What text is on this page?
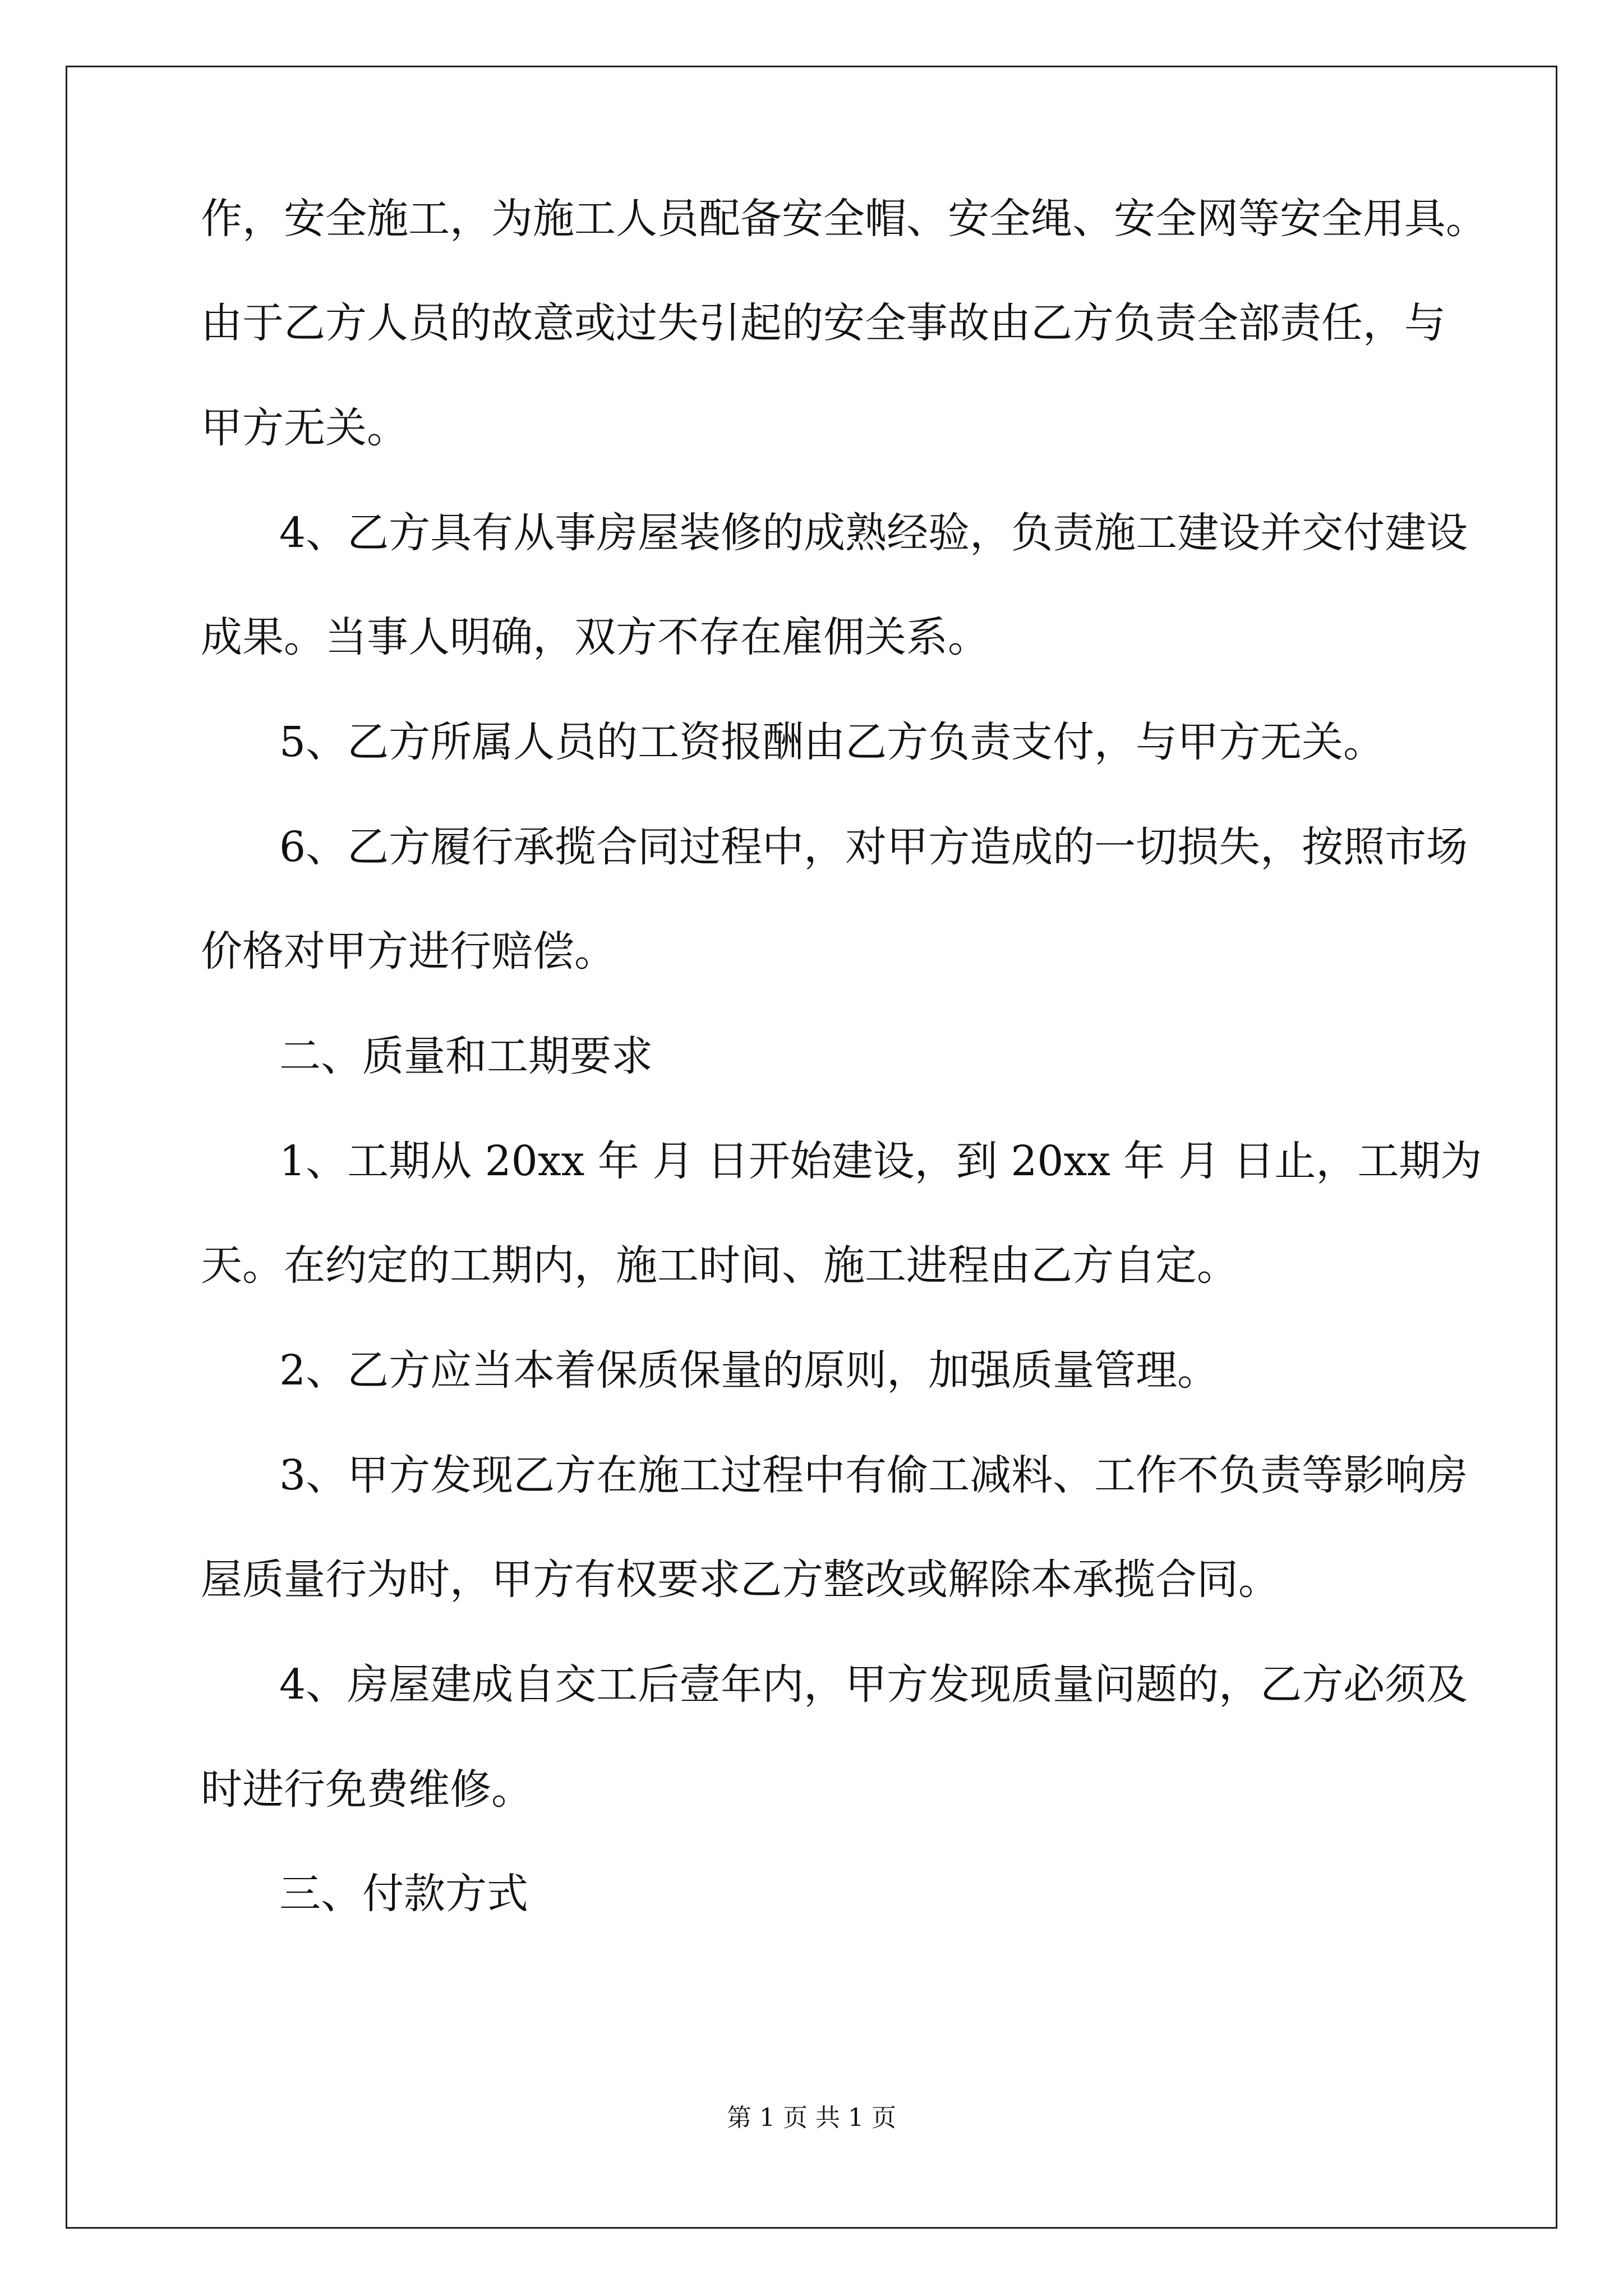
作，安全施工，为施工人员配备安全帽、安全绳、安全网等安全用具。
由于乙方人员的故意或过失引起的安全事故由乙方负责全部责任，与
甲方无关。
4、乙方具有从事房屋装修的成熟经验，负责施工建设并交付建设
成果。当事人明确，双方不存在雇佣关系。
5、乙方所属人员的工资报酬由乙方负责支付，与甲方无关。
6、乙方履行承揽合同过程中，对甲方造成的一切损失，按照市场
价格对甲方进行赔偿。
二、质量和工期要求
1、工期从 20xx 年 月 日开始建设，到 20xx 年 月 日止，工期为
天。在约定的工期内，施工时间、施工进程由乙方自定。
2、乙方应当本着保质保量的原则，加强质量管理。
3、甲方发现乙方在施工过程中有偷工减料、工作不负责等影响房
屋质量行为时，甲方有权要求乙方整改或解除本承揽合同。
4、房屋建成自交工后壹年内，甲方发现质量问题的，乙方必须及
时进行免费维修。
三、付款方式
第 1 页 共 1 页
